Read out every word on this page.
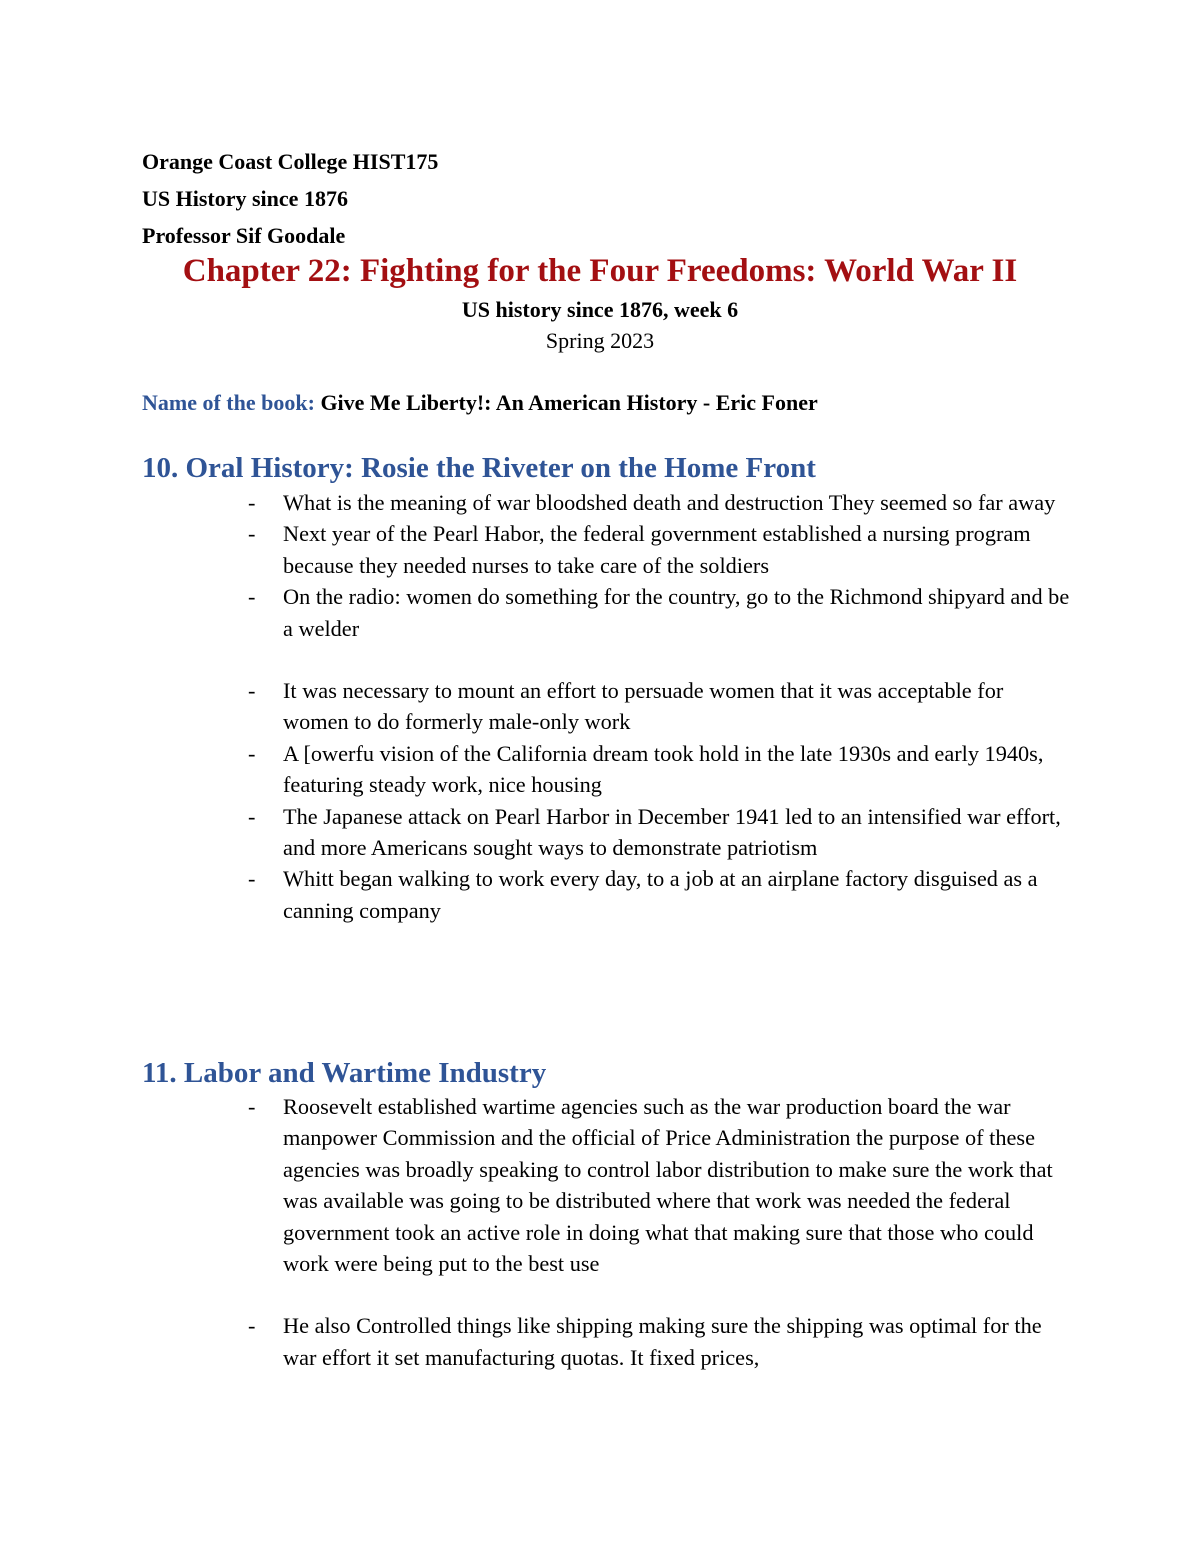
Orange Coast College HIST175

US History since 1876

Professor Sif Goodale

Chapter 22: Fighting for the Four Freedoms: World War II

US history since 1876, week 6

Spring 2023

Name of the book: Give Me Liberty!: An American History - Eric Foner
10. Oral History: Rosie the Riveter on the Home Front
- What is the meaning of war bloodshed death and destruction They seemed so far away
- Next year of the Pearl Habor, the federal government established a nursing program because they needed nurses to take care of the soldiers
- On the radio: women do something for the country, go to the Richmond shipyard and be a welder
- It was necessary to mount an effort to persuade women that it was acceptable for women to do formerly male-only work
- A [owerfu vision of the California dream took hold in the late 1930s and early 1940s, featuring steady work, nice housing
- The Japanese attack on Pearl Harbor in December 1941 led to an intensified war effort, and more Americans sought ways to demonstrate patriotism
- Whitt began walking to work every day, to a job at an airplane factory disguised as a canning company
11. Labor and Wartime Industry
- Roosevelt established wartime agencies such as the war production board the war manpower Commission and the official of Price Administration the purpose of these agencies was broadly speaking to control labor distribution to make sure the work that was available was going to be distributed where that work was needed the federal government took an active role in doing what that making sure that those who could work were being put to the best use
- He also Controlled things like shipping making sure the shipping was optimal for the war effort it set manufacturing quotas. It fixed prices,
